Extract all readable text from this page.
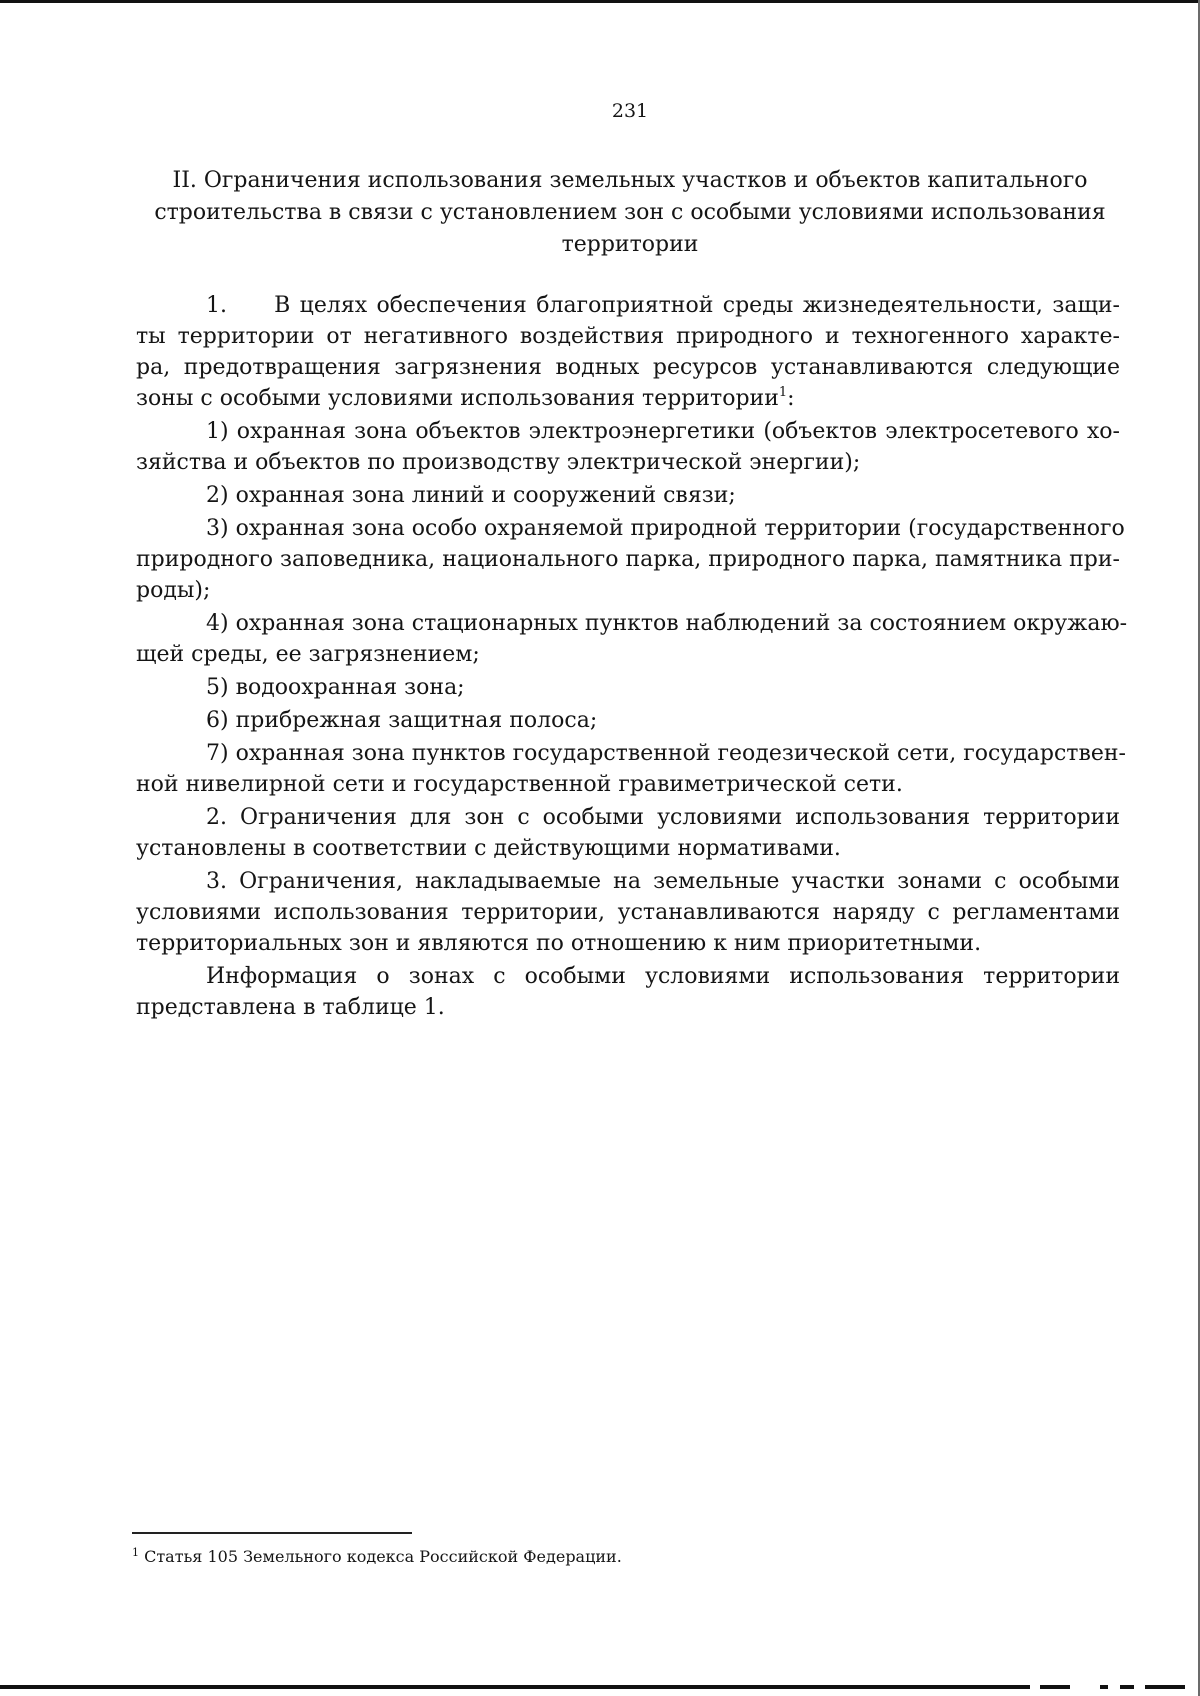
231
II. Ограничения использования земельных участков и объектов капитального
строительства в связи с установлением зон с особыми условиями использования
территории
1.     В целях обеспечения благоприятной среды жизнедеятельности, защи-
ты территории от негативного воздействия природного и техногенного характе-
ра, предотвращения загрязнения водных ресурсов устанавливаются следующие
зоны с особыми условиями использования территории$^1$:
1) охранная зона объектов электроэнергетики (объектов электросетевого хо-
зяйства и объектов по производству электрической энергии);
2) охранная зона линий и сооружений связи;
3) охранная зона особо охраняемой природной территории (государственного
природного заповедника, национального парка, природного парка, памятника при-
роды);
4) охранная зона стационарных пунктов наблюдений за состоянием окружаю-
щей среды, ее загрязнением;
5) водоохранная зона;
6) прибрежная защитная полоса;
7) охранная зона пунктов государственной геодезической сети, государствен-
ной нивелирной сети и государственной гравиметрической сети.
2. Ограничения для зон с особыми условиями использования территории
установлены в соответствии с действующими нормативами.
3. Ограничения, накладываемые на земельные участки зонами с особыми
условиями использования территории, устанавливаются наряду с регламентами
территориальных зон и являются по отношению к ним приоритетными.
Информация о зонах с особыми условиями использования территории
представлена в таблице 1.
$^1$ Статья 105 Земельного кодекса Российской Федерации.
